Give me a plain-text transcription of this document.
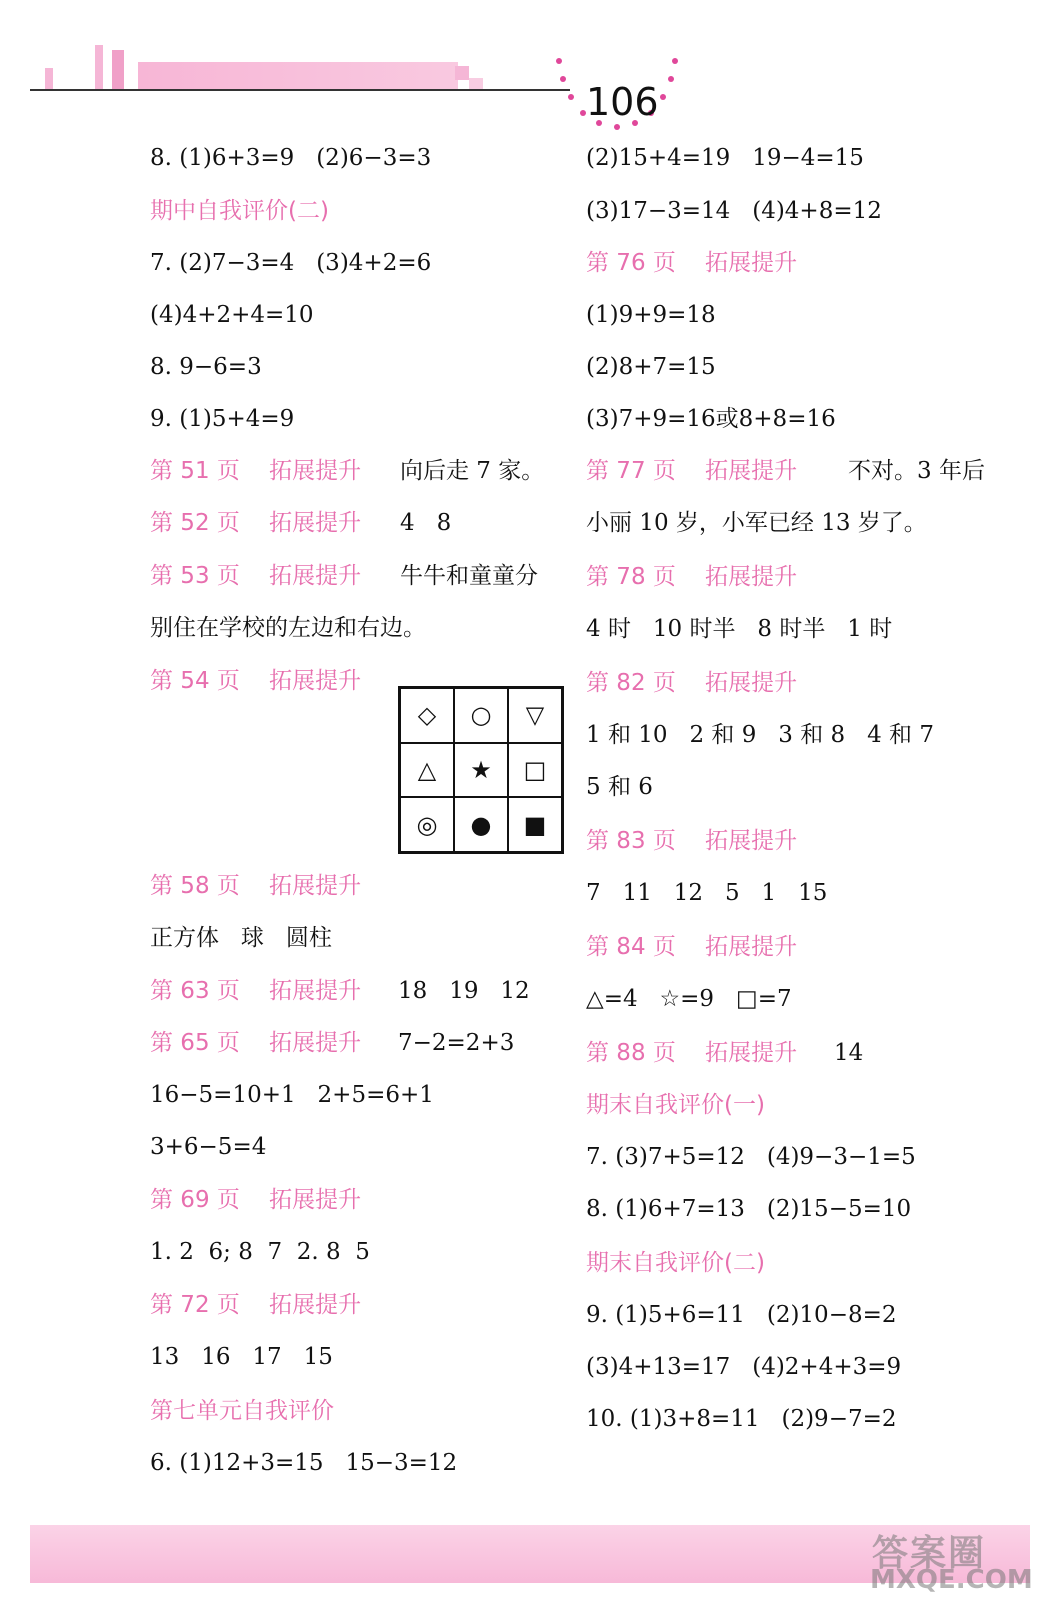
106
8. (1)6+3=9   (2)6−3=3
期中自我评价(二)
7. (2)7−3=4   (3)4+2=6
(4)4+2+4=10
8. 9−6=3
9. (1)5+4=9
第 51 页    拓展提升 向后走 7 家。
第 52 页    拓展提升 4   8
第 53 页    拓展提升 牛牛和童童分
别住在学校的左边和右边。
第 54 页    拓展提升
第 58 页    拓展提升
正方体   球   圆柱
第 63 页    拓展提升 18   19   12
第 65 页    拓展提升 7−2=2+3
16−5=10+1   2+5=6+1
3+6−5=4
第 69 页    拓展提升
1. 2  6; 8  7  2. 8  5
第 72 页    拓展提升
13   16   17   15
第七单元自我评价
6. (1)12+3=15   15−3=12
◇	○	▽
△	★	□
◎	●	■
(2)15+4=19   19−4=15
(3)17−3=14   (4)4+8=12
第 76 页    拓展提升
(1)9+9=18
(2)8+7=15
(3)7+9=16或8+8=16
第 77 页    拓展提升 不对。3 年后
小丽 10 岁，小军已经 13 岁了。
第 78 页    拓展提升
4 时   10 时半   8 时半   1 时
第 82 页    拓展提升
1 和 10   2 和 9   3 和 8   4 和 7
5 和 6
第 83 页    拓展提升
7   11   12   5   1   15
第 84 页    拓展提升
△=4   ☆=9   □=7
第 88 页    拓展提升 14
期末自我评价(一)
7. (3)7+5=12   (4)9−3−1=5
8. (1)6+7=13   (2)15−5=10
期末自我评价(二)
9. (1)5+6=11   (2)10−8=2
(3)4+13=17   (4)2+4+3=9
10. (1)3+8=11   (2)9−7=2
答案圈
MXQE.COM
